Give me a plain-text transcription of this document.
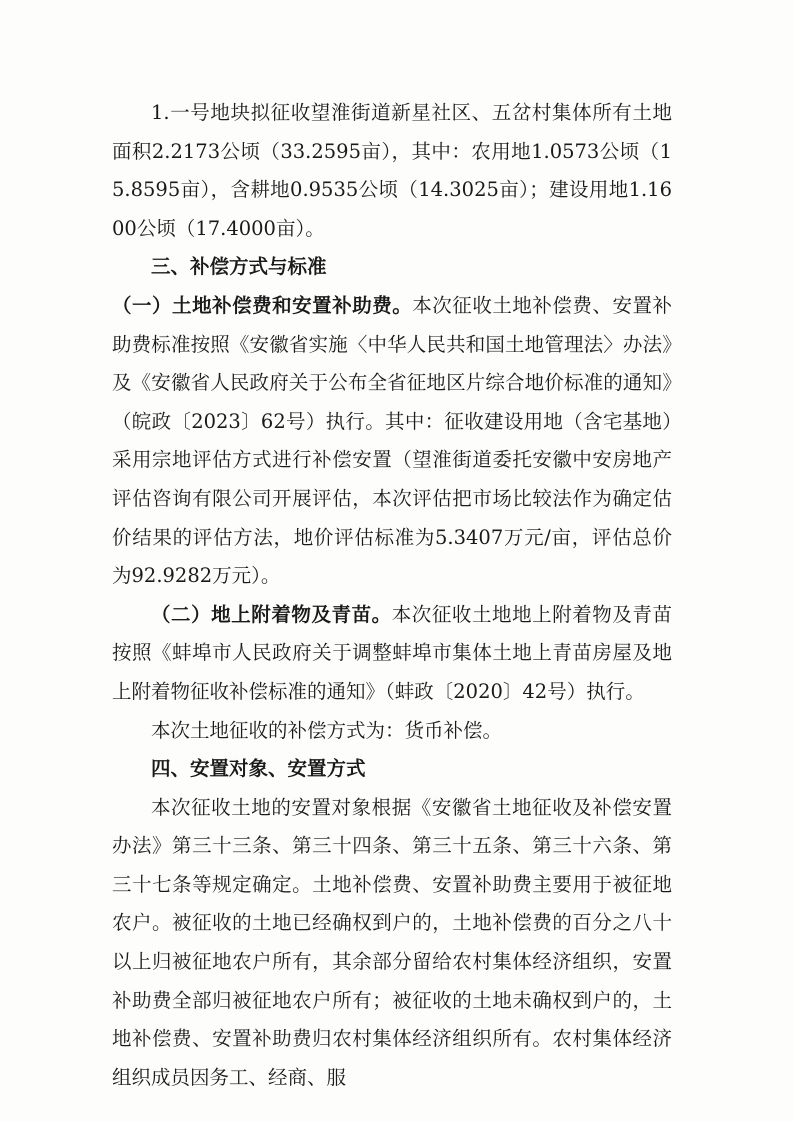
1.一号地块拟征收望淮街道新星社区、五岔村集体所有土地面积2.2173公顷（33.2595亩），其中：农用地1.0573公顷（15.8595亩），含耕地0.9535公顷（14.3025亩）；建设用地1.1600公顷（17.4000亩）。

三、补偿方式与标准

（一）土地补偿费和安置补助费。本次征收土地补偿费、安置补助费标准按照《安徽省实施〈中华人民共和国土地管理法〉办法》及《安徽省人民政府关于公布全省征地区片综合地价标准的通知》（皖政〔2023〕62号）执行。其中：征收建设用地（含宅基地）采用宗地评估方式进行补偿安置（望淮街道委托安徽中安房地产评估咨询有限公司开展评估，本次评估把市场比较法作为确定估价结果的评估方法，地价评估标准为5.3407万元/亩，评估总价为92.9282万元）。

（二）地上附着物及青苗。本次征收土地地上附着物及青苗按照《蚌埠市人民政府关于调整蚌埠市集体土地上青苗房屋及地上附着物征收补偿标准的通知》（蚌政〔2020〕42号）执行。

本次土地征收的补偿方式为：货币补偿。

四、安置对象、安置方式

本次征收土地的安置对象根据《安徽省土地征收及补偿安置办法》第三十三条、第三十四条、第三十五条、第三十六条、第三十七条等规定确定。土地补偿费、安置补助费主要用于被征地农户。被征收的土地已经确权到户的，土地补偿费的百分之八十以上归被征地农户所有，其余部分留给农村集体经济组织，安置补助费全部归被征地农户所有；被征收的土地未确权到户的，土地补偿费、安置补助费归农村集体经济组织所有。农村集体经济组织成员因务工、经商、服
